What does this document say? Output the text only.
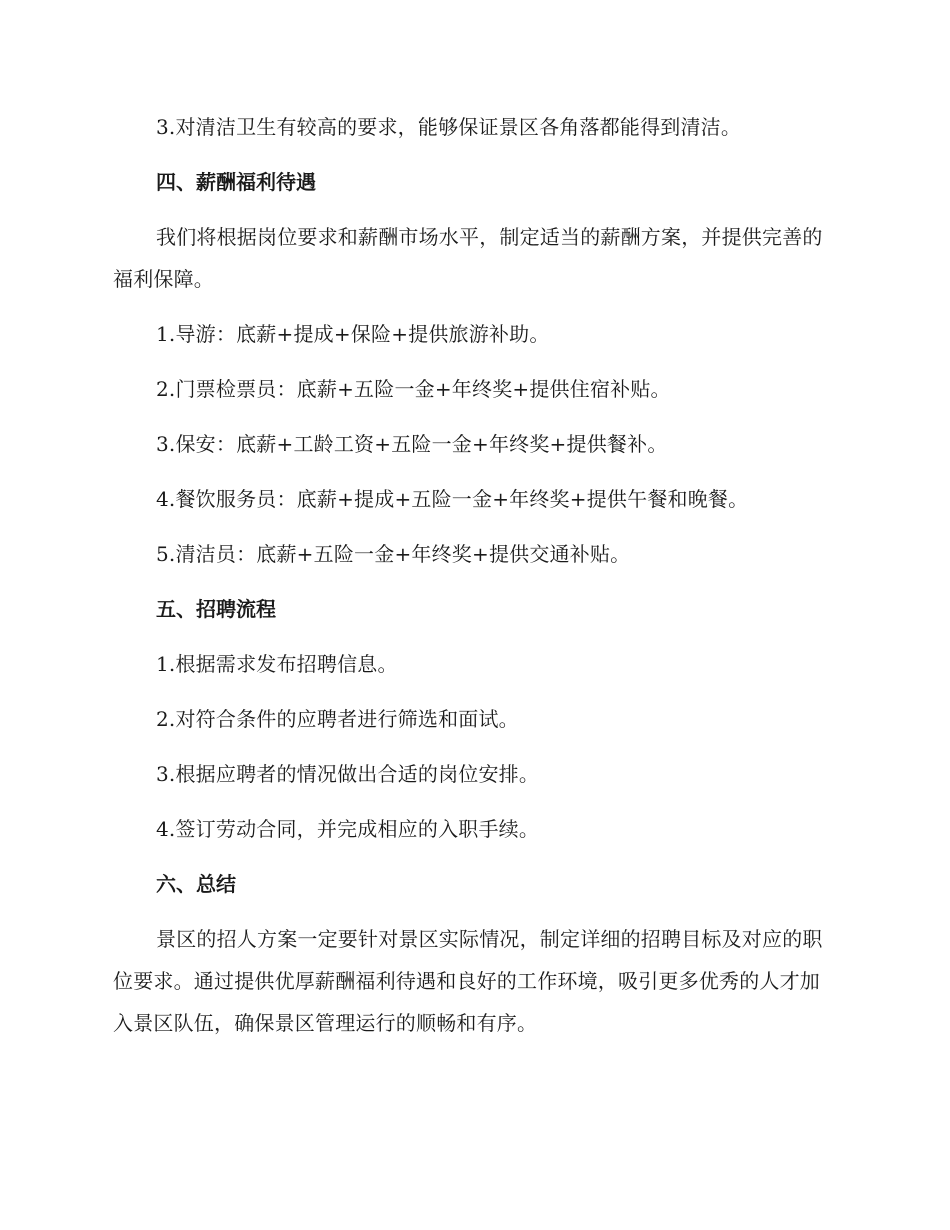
3.对清洁卫生有较高的要求，能够保证景区各角落都能得到清洁。

四、薪酬福利待遇

我们将根据岗位要求和薪酬市场水平，制定适当的薪酬方案，并提供完善的福利保障。

1.导游：底薪+提成+保险+提供旅游补助。

2.门票检票员：底薪+五险一金+年终奖+提供住宿补贴。

3.保安：底薪+工龄工资+五险一金+年终奖+提供餐补。

4.餐饮服务员：底薪+提成+五险一金+年终奖+提供午餐和晚餐。

5.清洁员：底薪+五险一金+年终奖+提供交通补贴。

五、招聘流程

1.根据需求发布招聘信息。

2.对符合条件的应聘者进行筛选和面试。

3.根据应聘者的情况做出合适的岗位安排。

4.签订劳动合同，并完成相应的入职手续。

六、总结

景区的招人方案一定要针对景区实际情况，制定详细的招聘目标及对应的职位要求。通过提供优厚薪酬福利待遇和良好的工作环境，吸引更多优秀的人才加入景区队伍，确保景区管理运行的顺畅和有序。
